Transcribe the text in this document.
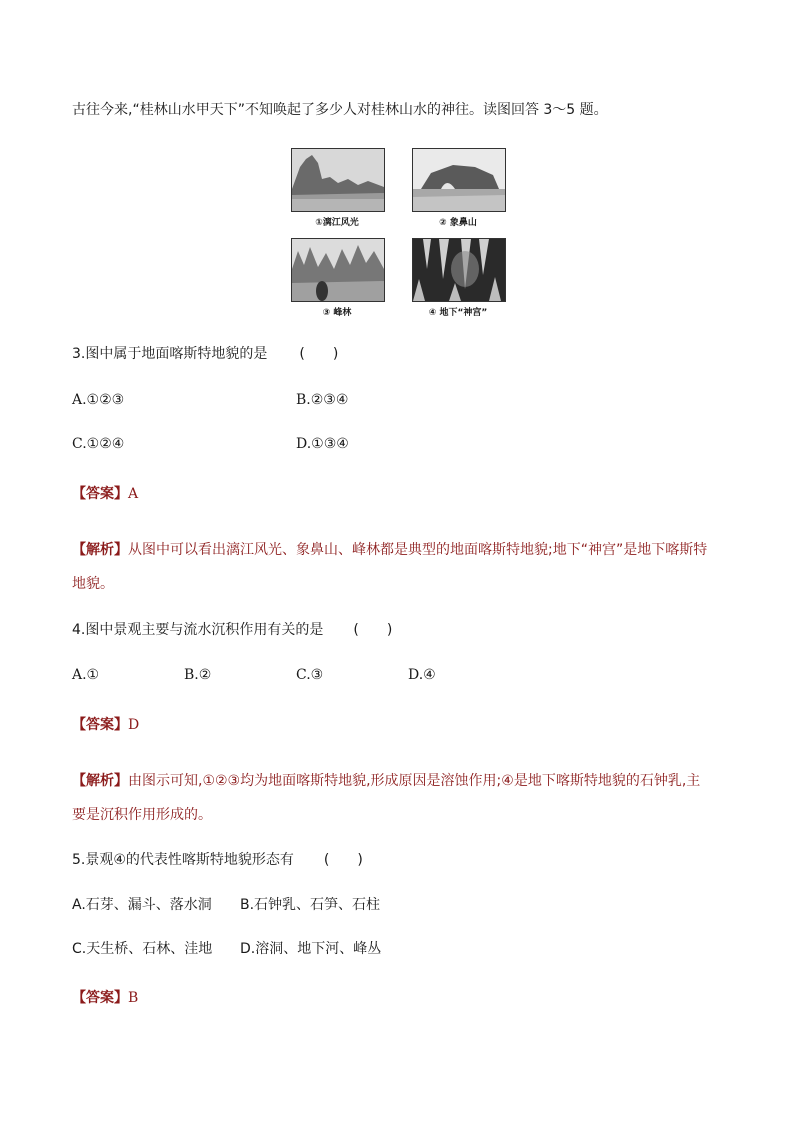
古往今来,“桂林山水甲天下”不知唤起了多少人对桂林山水的神往。读图回答 3～5 题。
①漓江风光	② 象鼻山
③ 峰林	④ 地下“神宫”
3.图中属于地面喀斯特地貌的是 (　　)
A.①②③	B.②③④
C.①②④	D.①③④
【答案】A
【解析】从图中可以看出漓江风光、象鼻山、峰林都是典型的地面喀斯特地貌;地下“神宫”是地下喀斯特
地貌。
4.图中景观主要与流水沉积作用有关的是 (　　)
A.①	B.②	C.③	D.④
【答案】D
【解析】由图示可知,①②③均为地面喀斯特地貌,形成原因是溶蚀作用;④是地下喀斯特地貌的石钟乳,主
要是沉积作用形成的。
5.景观④的代表性喀斯特地貌形态有 (　　)
A.石芽、漏斗、落水洞 B.石钟乳、石笋、石柱
C.天生桥、石林、洼地 D.溶洞、地下河、峰丛
【答案】B
